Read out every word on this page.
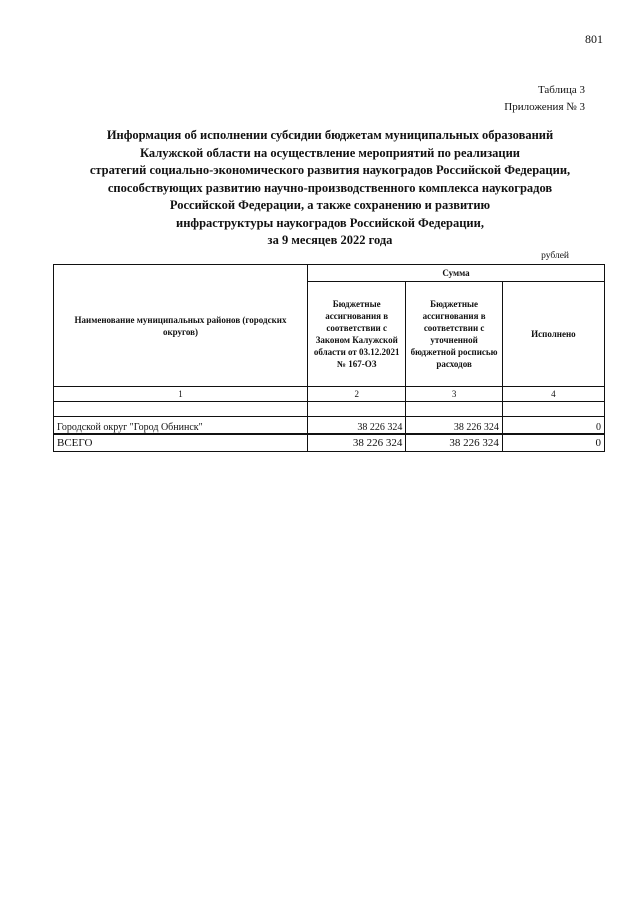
801
Таблица 3
Приложения № 3
Информация об исполнении субсидии бюджетам муниципальных образований
Калужской области на осуществление мероприятий по реализации
стратегий социально-экономического развития наукоградов Российской Федерации,
способствующих развитию научно-производственного комплекса наукоградов
Российской Федерации, а также сохранению и развитию
инфраструктуры наукоградов Российской Федерации,
за 9 месяцев 2022 года
рублей
Наименование муниципальных районов (городских округов)	Сумма		
	Бюджетные ассигнования в соответствии с Законом Калужской области от 03.12.2021 № 167-ОЗ	Бюджетные ассигнования в соответствии с уточненной бюджетной росписью расходов	Исполнено
1	2	3	4

Городской округ "Город Обнинск"	38 226 324	38 226 324	0
ВСЕГО	38 226 324	38 226 324	0
